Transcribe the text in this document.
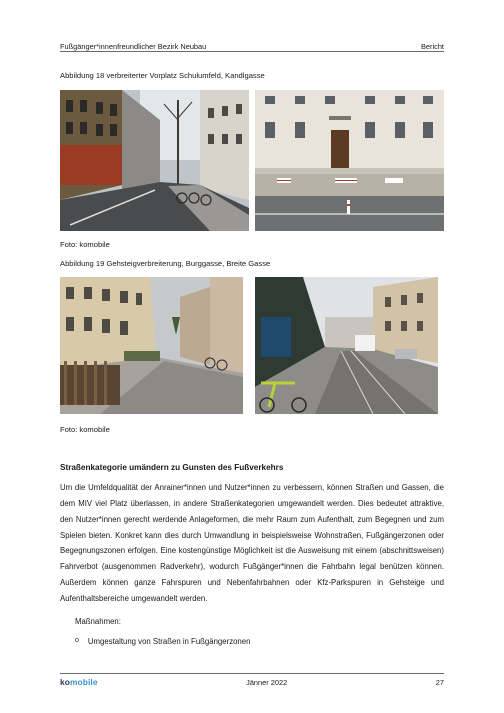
Fußgänger*innenfreundlicher Bezirk Neubau	Bericht
Abbildung 18 verbreiterter Vorplatz Schulumfeld, Kandlgasse
Foto: komobile
Abbildung 19 Gehsteigverbreiterung, Burggasse, Breite Gasse
Foto: komobile
Straßenkategorie umändern zu Gunsten des Fußverkehrs
Um die Umfeldqualität der Anrainer*innen und Nutzer*innen zu verbessern, können Straßen und Gassen, die dem MIV viel Platz überlassen, in andere Straßenkategorien umgewandelt werden. Dies bedeutet attraktive, den Nutzer*innen gerecht werdende Anlageformen, die mehr Raum zum Aufenthalt, zum Begegnen und zum Spielen bieten. Konkret kann dies durch Umwandlung in beispielsweise Wohnstraßen, Fußgängerzonen oder Begegnungszonen erfolgen. Eine kostengünstige Möglichkeit ist die Ausweisung mit einem (abschnittsweisen) Fahrverbot (ausgenommen Radverkehr), wodurch Fußgänger*innen die Fahrbahn legal benützen können. Außerdem können ganze Fahrspuren und Nebenfahrbahnen oder Kfz-Parkspuren in Gehsteige und Aufenthaltsbereiche umgewandelt werden.
Maßnahmen:
o Umgestaltung von Straßen in Fußgängerzonen
komobile	Jänner 2022	27
